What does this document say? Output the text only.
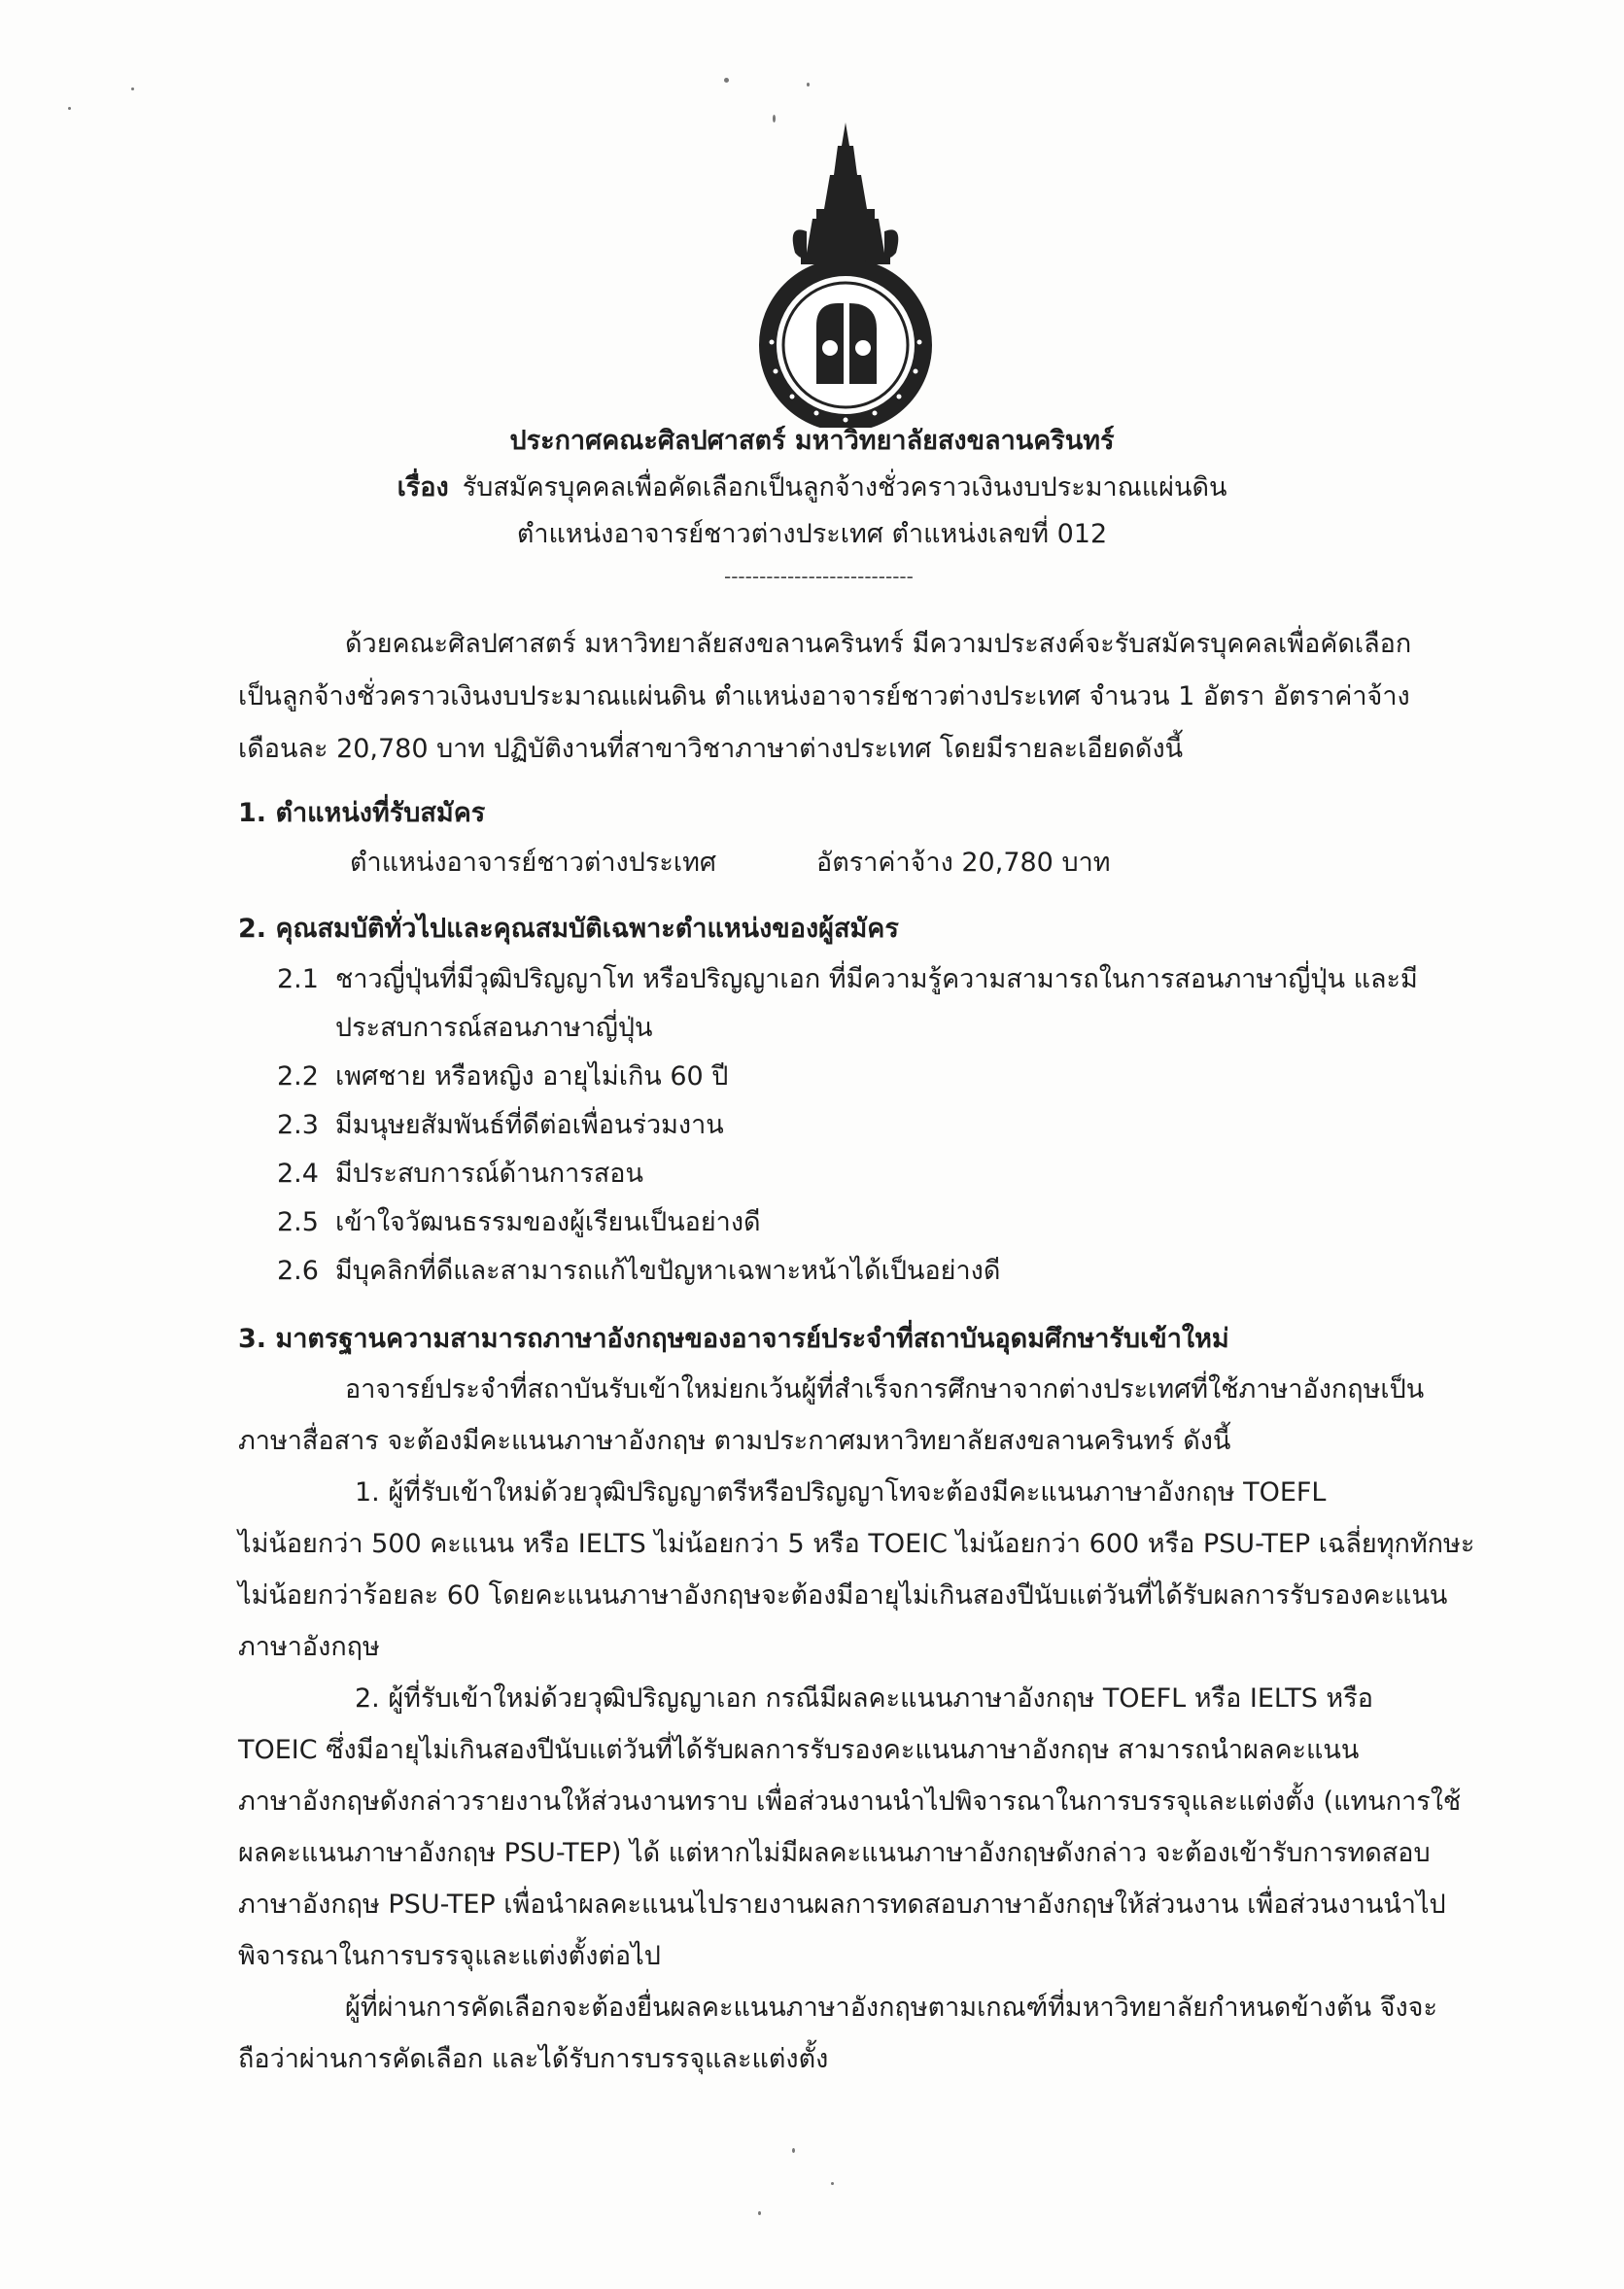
ประกาศคณะศิลปศาสตร์ มหาวิทยาลัยสงขลานครินทร์
เรื่อง รับสมัครบุคคลเพื่อคัดเลือกเป็นลูกจ้างชั่วคราวเงินงบประมาณแผ่นดิน
ตำแหน่งอาจารย์ชาวต่างประเทศ ตำแหน่งเลขที่ 012
---------------------------
ด้วยคณะศิลปศาสตร์ มหาวิทยาลัยสงขลานครินทร์ มีความประสงค์จะรับสมัครบุคคลเพื่อคัดเลือก
เป็นลูกจ้างชั่วคราวเงินงบประมาณแผ่นดิน ตำแหน่งอาจารย์ชาวต่างประเทศ จำนวน 1 อัตรา อัตราค่าจ้าง
เดือนละ 20,780 บาท ปฏิบัติงานที่สาขาวิชาภาษาต่างประเทศ โดยมีรายละเอียดดังนี้
1. ตำแหน่งที่รับสมัคร
ตำแหน่งอาจารย์ชาวต่างประเทศ	อัตราค่าจ้าง 20,780 บาท
2. คุณสมบัติทั่วไปและคุณสมบัติเฉพาะตำแหน่งของผู้สมัคร
2.1 ชาวญี่ปุ่นที่มีวุฒิปริญญาโท หรือปริญญาเอก ที่มีความรู้ความสามารถในการสอนภาษาญี่ปุ่น และมี
ประสบการณ์สอนภาษาญี่ปุ่น
2.2 เพศชาย หรือหญิง อายุไม่เกิน 60 ปี
2.3 มีมนุษยสัมพันธ์ที่ดีต่อเพื่อนร่วมงาน
2.4 มีประสบการณ์ด้านการสอน
2.5 เข้าใจวัฒนธรรมของผู้เรียนเป็นอย่างดี
2.6 มีบุคลิกที่ดีและสามารถแก้ไขปัญหาเฉพาะหน้าได้เป็นอย่างดี
3. มาตรฐานความสามารถภาษาอังกฤษของอาจารย์ประจำที่สถาบันอุดมศึกษารับเข้าใหม่
อาจารย์ประจำที่สถาบันรับเข้าใหม่ยกเว้นผู้ที่สำเร็จการศึกษาจากต่างประเทศที่ใช้ภาษาอังกฤษเป็น
ภาษาสื่อสาร จะต้องมีคะแนนภาษาอังกฤษ ตามประกาศมหาวิทยาลัยสงขลานครินทร์ ดังนี้
1. ผู้ที่รับเข้าใหม่ด้วยวุฒิปริญญาตรีหรือปริญญาโทจะต้องมีคะแนนภาษาอังกฤษ TOEFL
ไม่น้อยกว่า 500 คะแนน หรือ IELTS ไม่น้อยกว่า 5 หรือ TOEIC ไม่น้อยกว่า 600 หรือ PSU-TEP เฉลี่ยทุกทักษะ
ไม่น้อยกว่าร้อยละ 60 โดยคะแนนภาษาอังกฤษจะต้องมีอายุไม่เกินสองปีนับแต่วันที่ได้รับผลการรับรองคะแนน
ภาษาอังกฤษ
2. ผู้ที่รับเข้าใหม่ด้วยวุฒิปริญญาเอก กรณีมีผลคะแนนภาษาอังกฤษ TOEFL หรือ IELTS หรือ
TOEIC ซึ่งมีอายุไม่เกินสองปีนับแต่วันที่ได้รับผลการรับรองคะแนนภาษาอังกฤษ สามารถนำผลคะแนน
ภาษาอังกฤษดังกล่าวรายงานให้ส่วนงานทราบ เพื่อส่วนงานนำไปพิจารณาในการบรรจุและแต่งตั้ง (แทนการใช้
ผลคะแนนภาษาอังกฤษ PSU-TEP) ได้ แต่หากไม่มีผลคะแนนภาษาอังกฤษดังกล่าว จะต้องเข้ารับการทดสอบ
ภาษาอังกฤษ PSU-TEP เพื่อนำผลคะแนนไปรายงานผลการทดสอบภาษาอังกฤษให้ส่วนงาน เพื่อส่วนงานนำไป
พิจารณาในการบรรจุและแต่งตั้งต่อไป
ผู้ที่ผ่านการคัดเลือกจะต้องยื่นผลคะแนนภาษาอังกฤษตามเกณฑ์ที่มหาวิทยาลัยกำหนดข้างต้น จึงจะ
ถือว่าผ่านการคัดเลือก และได้รับการบรรจุและแต่งตั้ง
